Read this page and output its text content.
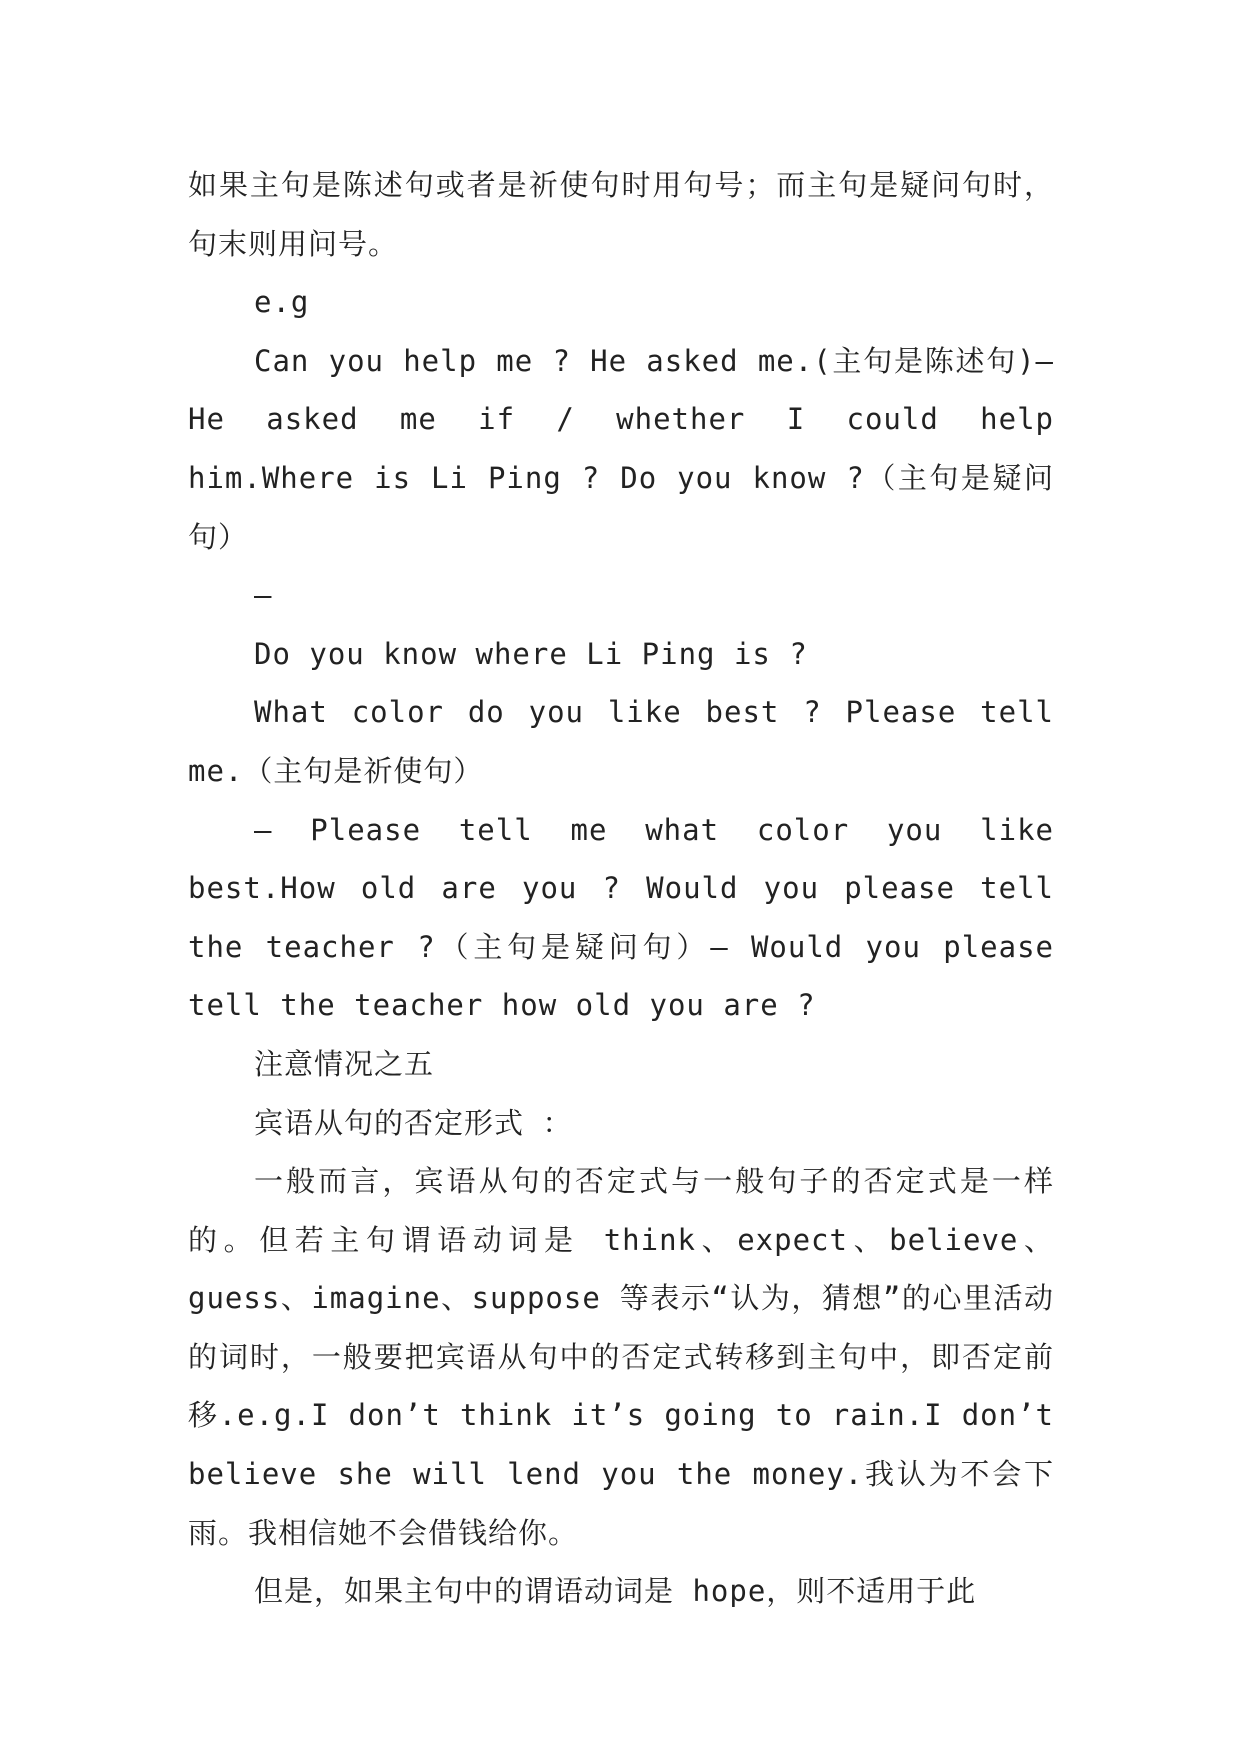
如果主句是陈述句或者是祈使句时用句号；而主句是疑问句时，句末则用问号。

e.g

Can you help me ? He asked me.(主句是陈述句)—He asked me if / whether I could help him.Where is Li Ping ? Do you know ?（主句是疑问句）

—

Do you know where Li Ping is ?

What color do you like best ? Please tell me.（主句是祈使句）

— Please tell me what color you like best.How old are you ? Would you please tell the teacher ?（主句是疑问句）— Would you please tell the teacher how old you are ?

注意情况之五

宾语从句的否定形式 ：

一般而言，宾语从句的否定式与一般句子的否定式是一样的。但若主句谓语动词是 think、expect、believe、guess、imagine、suppose 等表示“认为，猜想”的心里活动的词时，一般要把宾语从句中的否定式转移到主句中，即否定前移.e.g.I don’t think it’s going to rain.I don’t believe she will lend you the money.我认为不会下雨。我相信她不会借钱给你。

但是，如果主句中的谓语动词是 hope，则不适用于此
